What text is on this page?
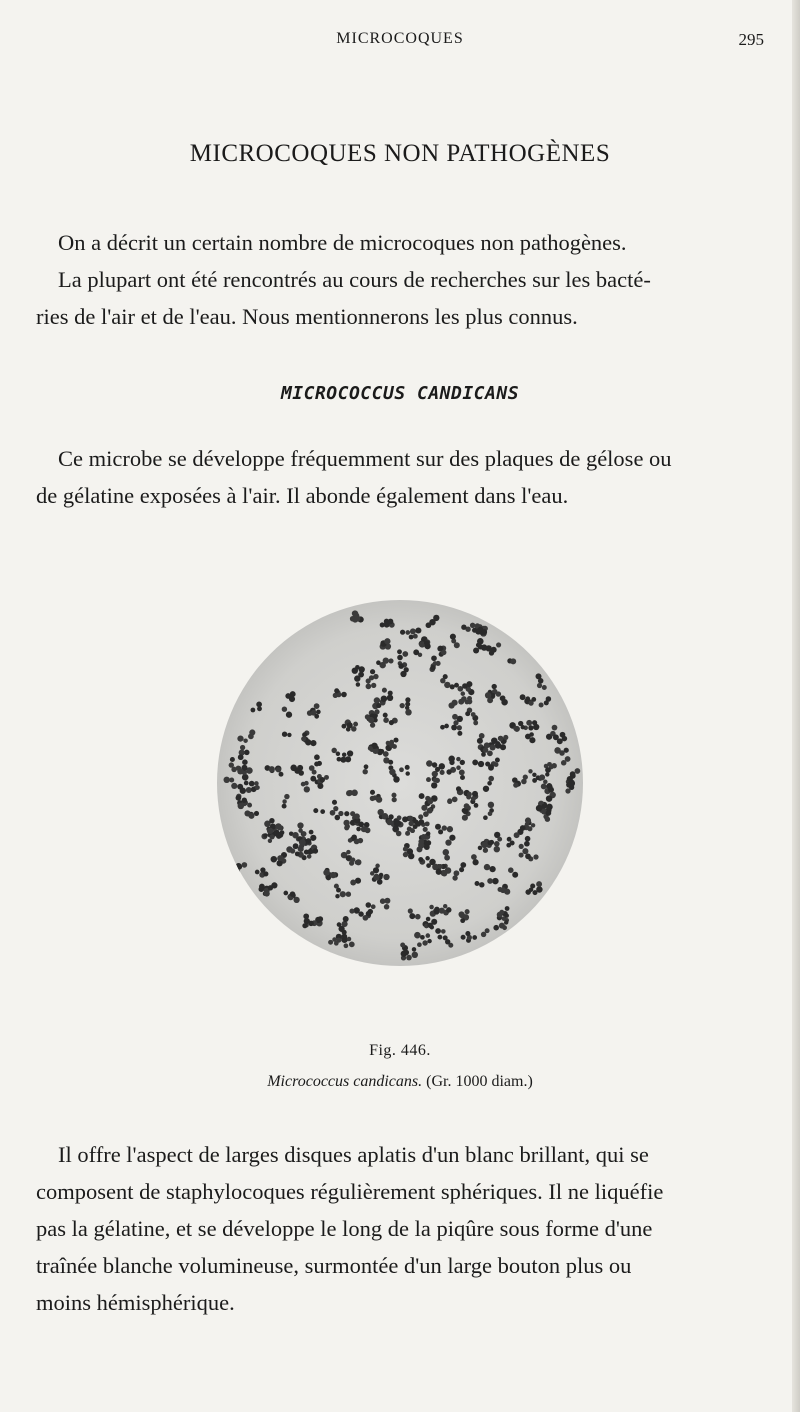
MICROCOQUES	295
MICROCOQUES NON PATHOGÈNES
On a décrit un certain nombre de microcoques non pathogènes.
La plupart ont été rencontrés au cours de recherches sur les bacté-
ries de l'air et de l'eau. Nous mentionnerons les plus connus.
MICROCOCCUS CANDICANS
Ce microbe se développe fréquemment sur des plaques de gélose ou
de gélatine exposées à l'air. Il abonde également dans l'eau.
Fig. 446.
Micrococcus candicans. (Gr. 1000 diam.)
Il offre l'aspect de larges disques aplatis d'un blanc brillant, qui se
composent de staphylocoques régulièrement sphériques. Il ne liquéfie
pas la gélatine, et se développe le long de la piqûre sous forme d'une
traînée blanche volumineuse, surmontée d'un large bouton plus ou
moins hémisphérique.
